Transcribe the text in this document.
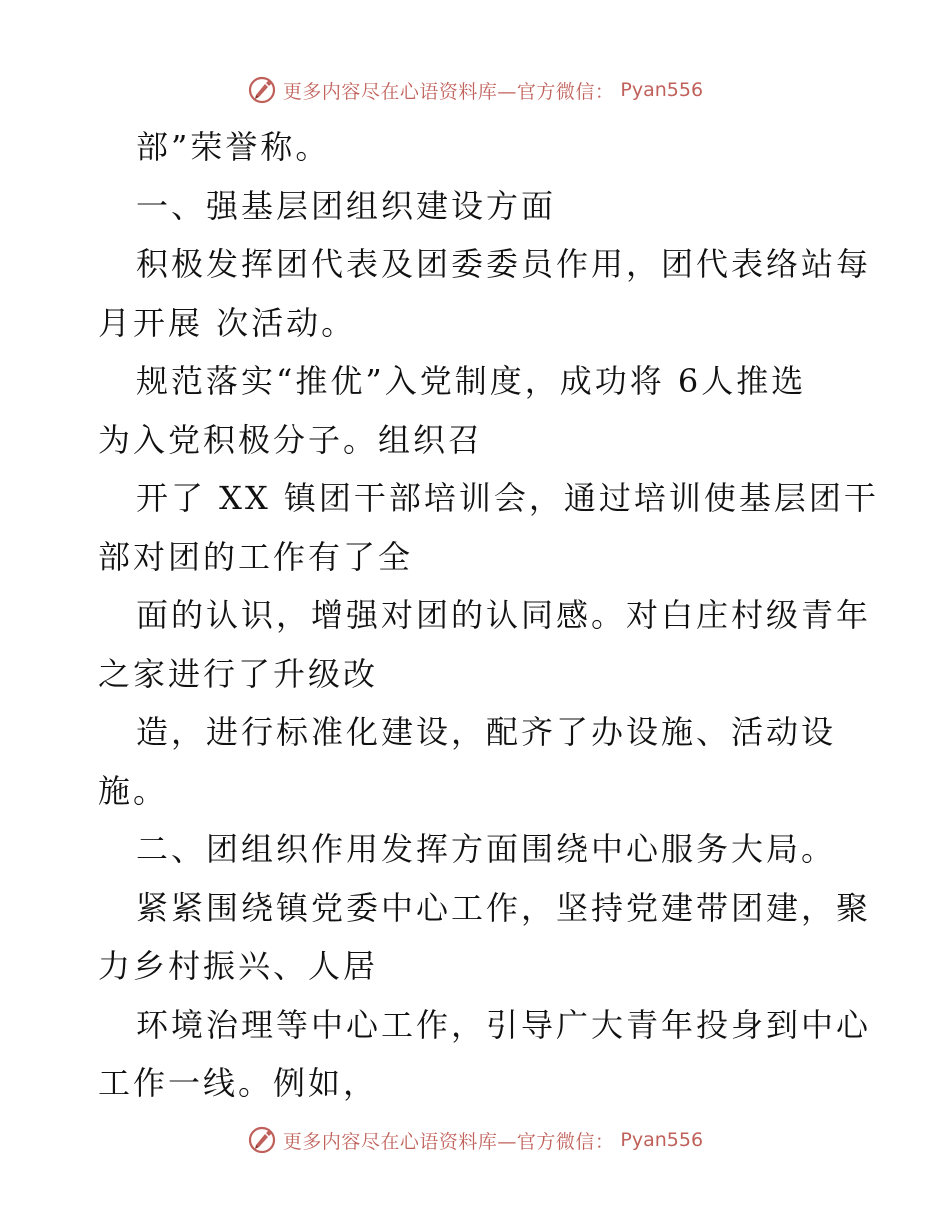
更多内容尽在心语资料库—官方微信： Pyan556
部”荣誉称。
一、强基层团组织建设方面
积极发挥团代表及团委委员作用，团代表络站每
月开展 次活动。
规范落实“推优”入党制度，成功将 6人推选
为入党积极分子。组织召
开了 XX 镇团干部培训会，通过培训使基层团干
部对团的工作有了全
面的认识，增强对团的认同感。对白庄村级青年
之家进行了升级改
造，进行标准化建设，配齐了办设施、活动设
施。
二、团组织作用发挥方面围绕中心服务大局。
紧紧围绕镇党委中心工作，坚持党建带团建，聚
力乡村振兴、人居
环境治理等中心工作，引导广大青年投身到中心
工作一线。例如，
更多内容尽在心语资料库—官方微信： Pyan556
